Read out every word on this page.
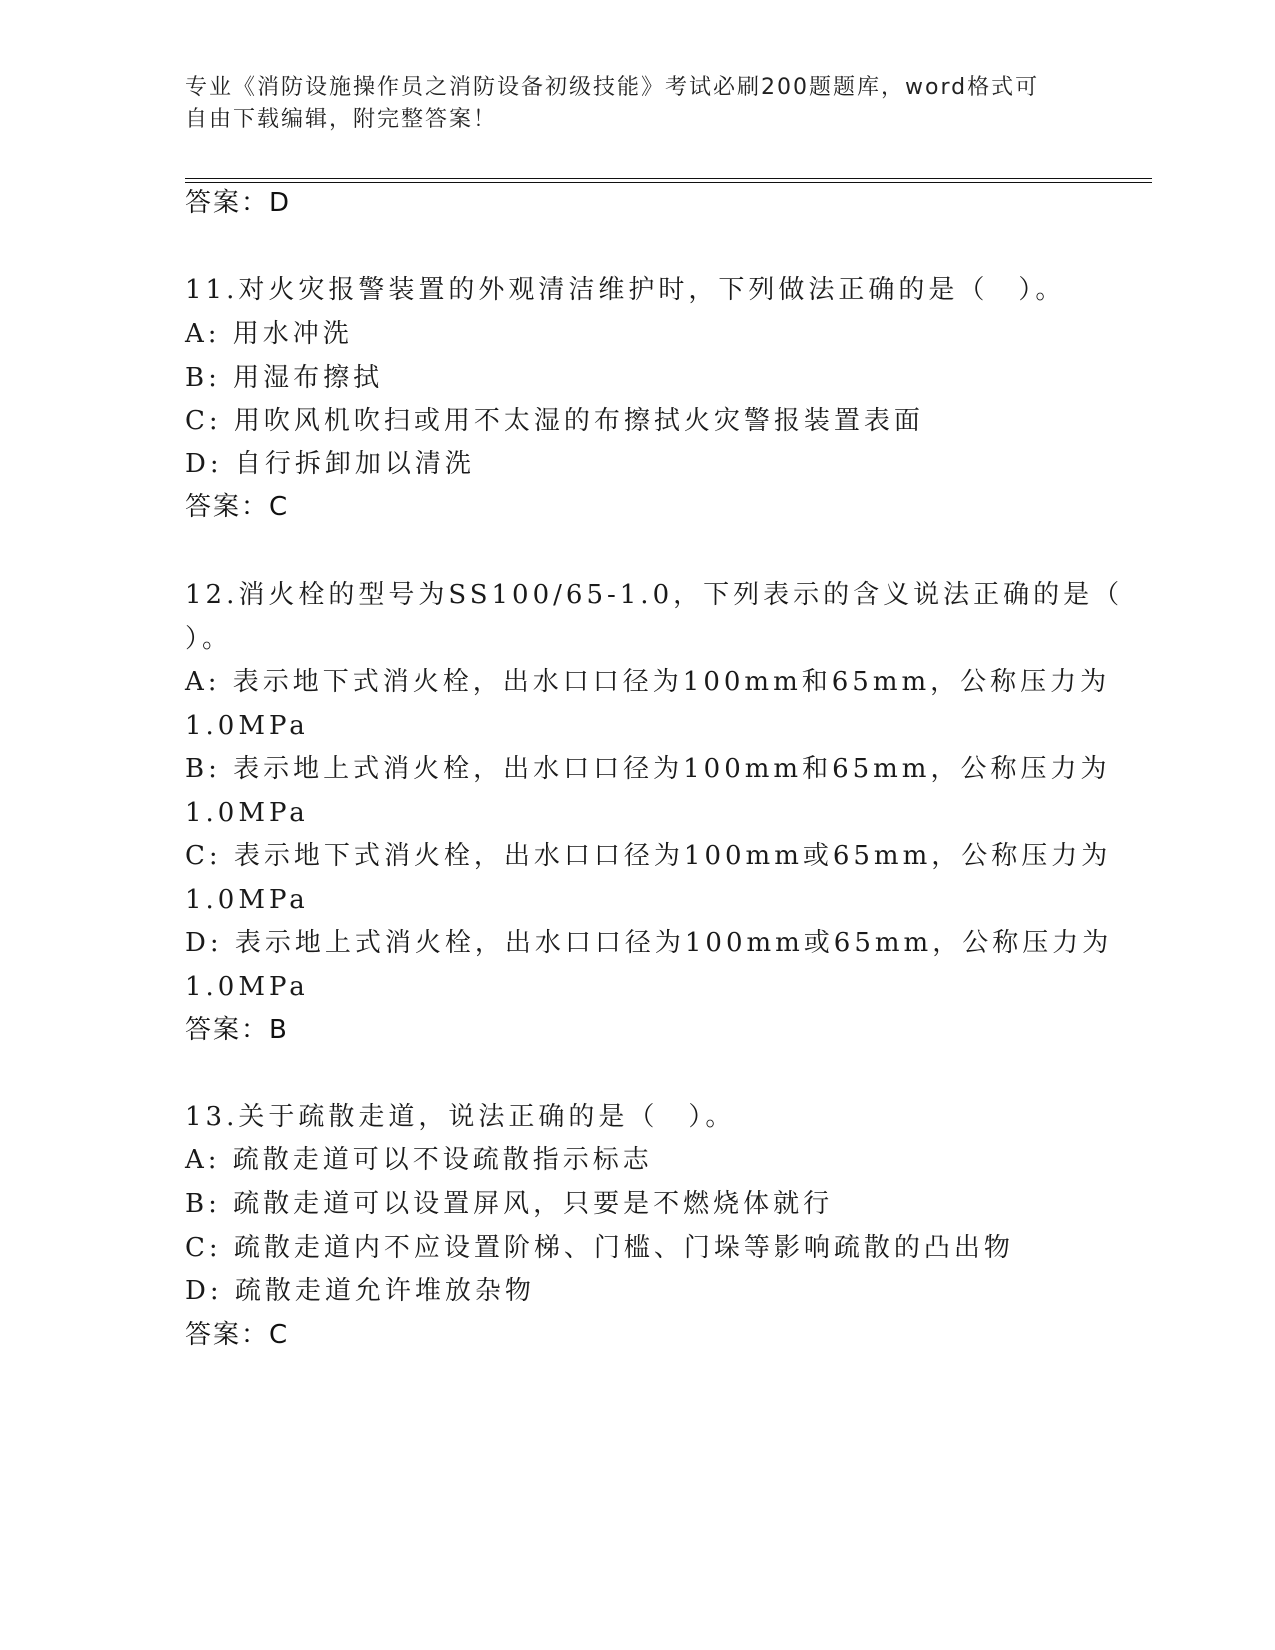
专业《消防设施操作员之消防设备初级技能》考试必刷200题题库，word格式可
自由下载编辑，附完整答案！
答案：D
11.对火灾报警装置的外观清洁维护时，下列做法正确的是（　）。
A: 用水冲洗
B: 用湿布擦拭
C: 用吹风机吹扫或用不太湿的布擦拭火灾警报装置表面
D: 自行拆卸加以清洗
答案：C
12.消火栓的型号为SS100/65-1.0，下列表示的含义说法正确的是（
）。
A: 表示地下式消火栓，出水口口径为100mm和65mm，公称压力为
1.0MPa
B: 表示地上式消火栓，出水口口径为100mm和65mm，公称压力为
1.0MPa
C: 表示地下式消火栓，出水口口径为100mm或65mm，公称压力为
1.0MPa
D: 表示地上式消火栓，出水口口径为100mm或65mm，公称压力为
1.0MPa
答案：B
13.关于疏散走道，说法正确的是（　）。
A: 疏散走道可以不设疏散指示标志
B: 疏散走道可以设置屏风，只要是不燃烧体就行
C: 疏散走道内不应设置阶梯、门槛、门垛等影响疏散的凸出物
D: 疏散走道允许堆放杂物
答案：C
